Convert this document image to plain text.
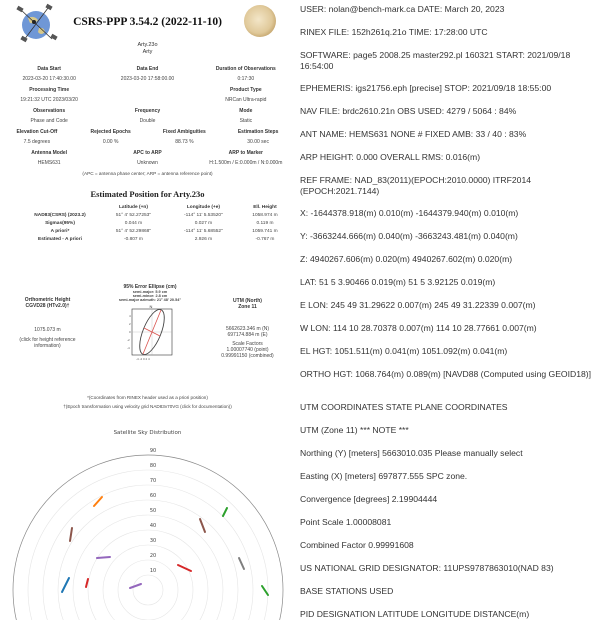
CSRS-PPP 3.54.2 (2022-11-10)
Arty.23o
Arty
Data Start	Data End	Duration of Observations
2023-03-20 17:40:30.00	2023-03-20 17:58:00.00	0:17:30
Processing Time	Product Type
19:21:32 UTC 2023/03/20	NRCan Ultra-rapid
Observations	Frequency	Mode
Phase and Code	Double	Static
Elevation Cut-Off	Rejected Epochs	Fixed Ambiguities	Estimation Steps
7.5 degrees	0.00 %	88.73 %	30.00 sec
Antenna Model	APC to ARP	ARP to Marker
HEMS631	Unknown	H:1.500m / E:0.000m / N:0.000m
(APC = antenna phase center; ARP = antenna reference point)
Estimated Position for Arty.23o
	Latitude (+n)	Longitude (+e)	Ell. Height
NAD83(CSRS) (2023.2)	51° 4' 52.27253"	-114° 11' 5.53520"	1058.974 m
Sigmas(95%)	0.044 m	0.027 m	0.119 m
A priori*	51° 4' 52.29868"	-114° 11' 5.68552"	1059.741 m
Estimated - A priori	-0.807 m	2.926 m	-0.767 m
Orthometric Height
CGVD28 (HTv2.0)†
1075.073 m
(click for height reference information)
95% Error Ellipse (cm)
semi-major: 5.9 cm
semi-minor: 2.8 cm
semi-major azimuth: 21° 48' 20.54"
N
4
2
0
-2
-4
-4 -2 0 2 4
UTM (North)
Zone 11
5662623.346 m (N)
697174.884 m (E)
Scale Factors
1.00007740 (point)
0.99991150 (combined)
*(Coordinates from RINEX header used as a priori position)
†(Epoch transformation using velocity grid NAD83v70VG (click for documentation))
Satellite Sky Distribution
90
80
70
60
50
40
30
20
10
USER: nolan@bench-mark.ca DATE: March 20, 2023
RINEX FILE: 152h261q.21o TIME: 17:28:00 UTC
SOFTWARE: page5 2008.25 master292.pl 160321 START: 2021/09/18 16:54:00
EPHEMERIS: igs21756.eph [precise] STOP: 2021/09/18 18:55:00
NAV FILE: brdc2610.21n OBS USED: 4279 / 5064 : 84%
ANT NAME: HEMS631 NONE # FIXED AMB: 33 / 40 : 83%
ARP HEIGHT: 0.000 OVERALL RMS: 0.016(m)
REF FRAME: NAD_83(2011)(EPOCH:2010.0000) ITRF2014 (EPOCH:2021.7144)
X: -1644378.918(m) 0.010(m) -1644379.940(m) 0.010(m)
Y: -3663244.666(m) 0.040(m) -3663243.481(m) 0.040(m)
Z: 4940267.606(m) 0.020(m) 4940267.602(m) 0.020(m)
LAT: 51 5 3.90466 0.019(m) 51 5 3.92125 0.019(m)
E LON: 245 49 31.29622 0.007(m) 245 49 31.22339 0.007(m)
W LON: 114 10 28.70378 0.007(m) 114 10 28.77661 0.007(m)
EL HGT: 1051.511(m) 0.041(m) 1051.092(m) 0.041(m)
ORTHO HGT: 1068.764(m) 0.089(m) [NAVD88 (Computed using GEOID18)]
UTM COORDINATES STATE PLANE COORDINATES
UTM (Zone 11) *** NOTE ***
Northing (Y) [meters] 5663010.035 Please manually select
Easting (X) [meters] 697877.555 SPC zone.
Convergence [degrees] 2.19904444
Point Scale 1.00008081
Combined Factor 0.99991608
US NATIONAL GRID DESIGNATOR: 11UPS9787863010(NAD 83)
BASE STATIONS USED
PID DESIGNATION LATITUDE LONGITUDE DISTANCE(m)
